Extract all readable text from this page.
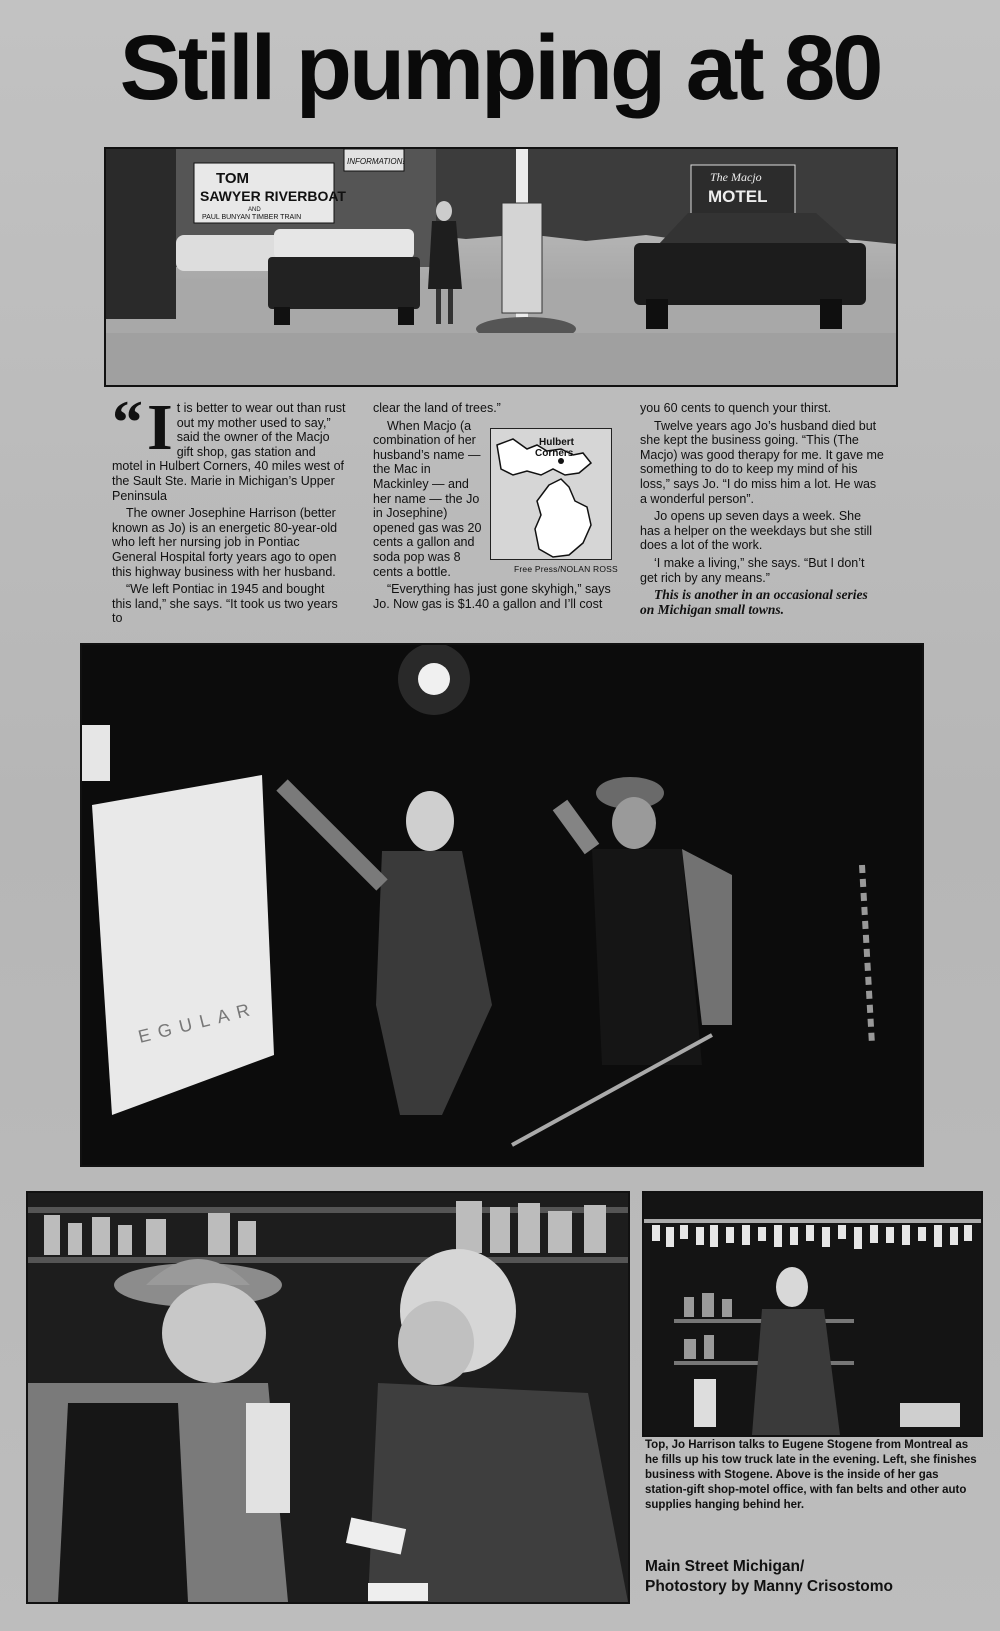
Still pumping at 80
TOM
SAWYER RIVERBOAT
AND
PAUL BUNYAN TIMBER TRAIN
INFORMATION!
The Macjo
MOTEL
“ I t is better to wear out than rust out my mother used to say,” said the owner of the Macjo gift shop, gas station and motel in Hulbert Corners, 40 miles west of the Sault Ste. Marie in Michigan’s Upper Peninsula

The owner Josephine Harrison (better known as Jo) is an energetic 80-year-old who left her nursing job in Pontiac General Hospital forty years ago to open this highway business with her husband.

“We left Pontiac in 1945 and bought this land,” she says. “It took us two years to

clear the land of trees.”

When Macjo (a combination of her husband’s name — the Mac in Mackinley — and her name — the Jo in Josephine) opened gas was 20 cents a gallon and soda pop was 8 cents a bottle.

“Everything has just gone skyhigh,” says Jo. Now gas is $1.40 a gallon and I’ll cost

Hulbert
Corners
Free Press/NOLAN ROSS

you 60 cents to quench your thirst.

Twelve years ago Jo’s husband died but she kept the business going. “This (The Macjo) was good therapy for me. It gave me something to do to keep my mind of his loss,” says Jo. “I do miss him a lot. He was a wonderful person”.

Jo opens up seven days a week. She has a helper on the weekdays but she still does a lot of the work.

‘I make a living,” she says. “But I don’t get rich by any means.”

This is another in an occasional series on Michigan small towns.

EGULAR
Top, Jo Harrison talks to Eugene Stogene from Montreal as he fills up his tow truck late in the evening. Left, she finishes business with Stogene. Above is the inside of her gas station-gift shop-motel office, with fan belts and other auto supplies hanging behind her.
Main Street Michigan/
Photostory by Manny Crisostomo
